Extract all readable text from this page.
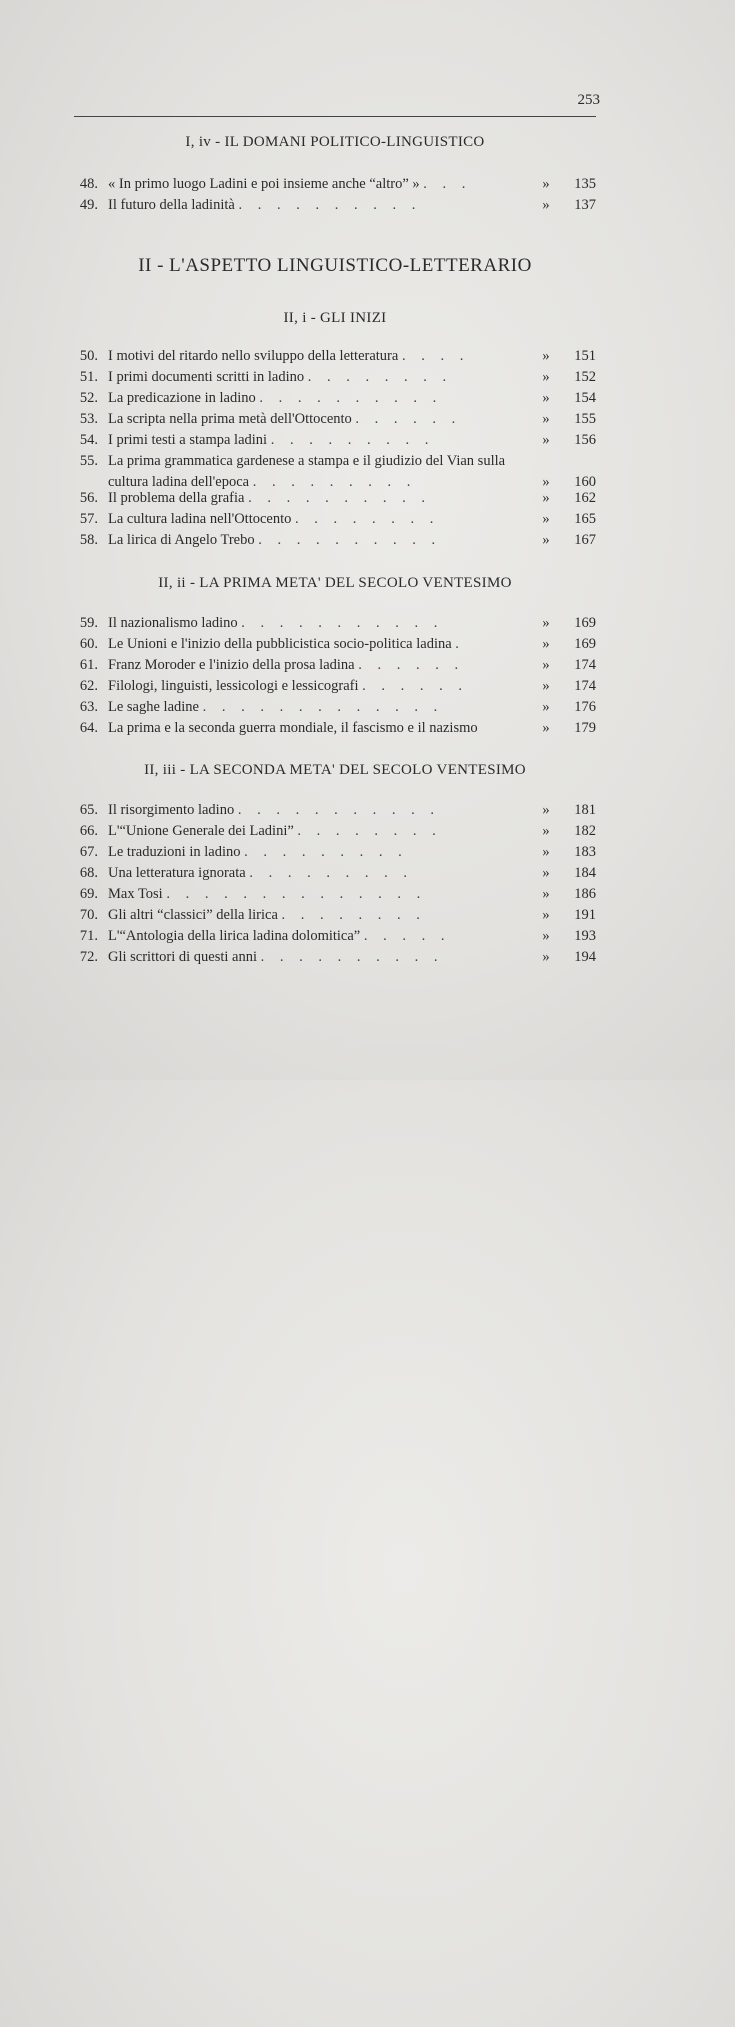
253
I, iv - IL DOMANI POLITICO-LINGUISTICO
48. « In primo luogo Ladini e poi insieme anche “altro” » . . .	»	135
49. Il futuro della ladinità . . . . . . . . . .	»	137
II - L'ASPETTO LINGUISTICO-LETTERARIO
II, i - GLI INIZI
50. I motivi del ritardo nello sviluppo della letteratura . . . .	»	151
51. I primi documenti scritti in ladino . . . . . . . .	»	152
52. La predicazione in ladino . . . . . . . . . .	»	154
53. La scripta nella prima metà dell'Ottocento . . . . . .	»	155
54. I primi testi a stampa ladini . . . . . . . . .	»	156
55. La prima grammatica gardenese a stampa e il giudizio del Vian sulla cultura ladina dell'epoca . . . . . . . . .	»	160
56. Il problema della grafia . . . . . . . . . .	»	162
57. La cultura ladina nell'Ottocento . . . . . . . .	»	165
58. La lirica di Angelo Trebo . . . . . . . . . .	»	167
II, ii - LA PRIMA META' DEL SECOLO VENTESIMO
59. Il nazionalismo ladino . . . . . . . . . . .	»	169
60. Le Unioni e l'inizio della pubblicistica socio-politica ladina .	»	169
61. Franz Moroder e l'inizio della prosa ladina . . . . . .	»	174
62. Filologi, linguisti, lessicologi e lessicografi . . . . . .	»	174
63. Le saghe ladine . . . . . . . . . . . . .	»	176
64. La prima e la seconda guerra mondiale, il fascismo e il nazismo	»	179
II, iii - LA SECONDA META' DEL SECOLO VENTESIMO
65. Il risorgimento ladino . . . . . . . . . . .	»	181
66. L'“Unione Generale dei Ladini” . . . . . . . .	»	182
67. Le traduzioni in ladino . . . . . . . . .	»	183
68. Una letteratura ignorata . . . . . . . . .	»	184
69. Max Tosi . . . . . . . . . . . . . .	»	186
70. Gli altri “classici” della lirica . . . . . . . .	»	191
71. L'“Antologia della lirica ladina dolomitica” . . . . .	»	193
72. Gli scrittori di questi anni . . . . . . . . . .	»	194
